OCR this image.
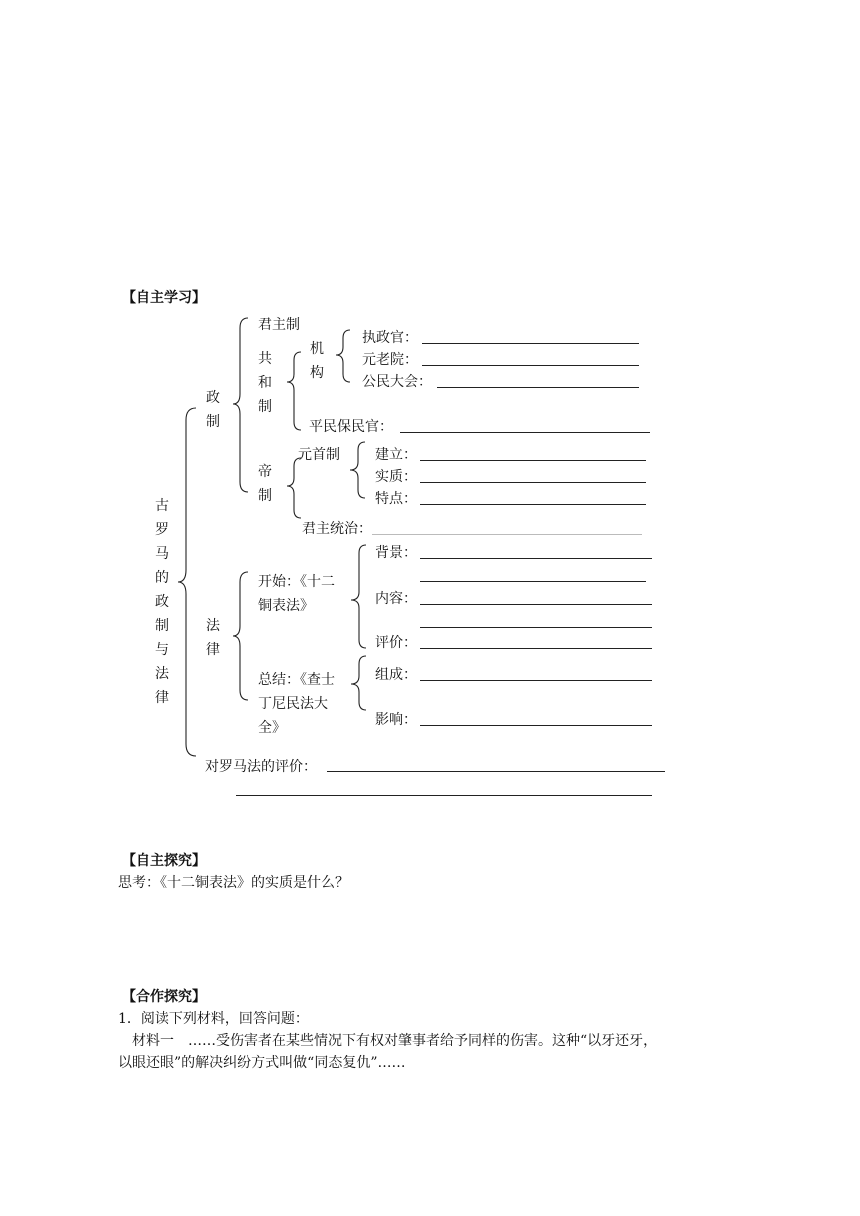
【自主学习】
古罗马的政制与法律
政制
君主制
共和制
机构
执政官：
元老院：
公民大会：
平民保民官：
帝制
元首制	建立：
实质：
特点：
君主统治：
法律
开始：《十二铜表法》
背景：
内容：
评价：
总结：《查士丁尼民法大全》
组成：
影响：
对罗马法的评价：
【自主探究】
思考：《十二铜表法》的实质是什么？
【合作探究】
1．阅读下列材料，回答问题：
材料一　……受伤害者在某些情况下有权对肇事者给予同样的伤害。这种“以牙还牙，
以眼还眼”的解决纠纷方式叫做“同态复仇”……
